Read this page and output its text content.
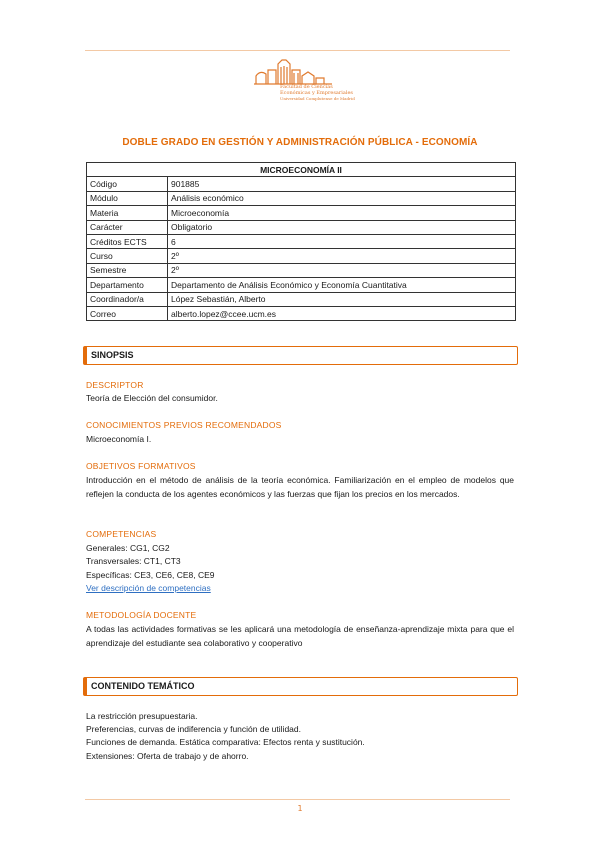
Facultad de Ciencias
Económicas y Empresariales
Universidad Complutense de Madrid
DOBLE GRADO EN GESTIÓN Y ADMINISTRACIÓN PÚBLICA - ECONOMÍA
MICROECONOMÍA II	
Código	901885
Módulo	Análisis económico
Materia	Microeconomía
Carácter	Obligatorio
Créditos ECTS	6
Curso	2º
Semestre	2º
Departamento	Departamento de Análisis Económico y Economía Cuantitativa
Coordinador/a	López Sebastián, Alberto
Correo	alberto.lopez@ccee.ucm.es
SINOPSIS
DESCRIPTOR
Teoría de Elección del consumidor.
CONOCIMIENTOS PREVIOS RECOMENDADOS
Microeconomía I.
OBJETIVOS FORMATIVOS
Introducción en el método de análisis de la teoría económica. Familiarización en el empleo de modelos que reflejen la conducta de los agentes económicos y las fuerzas que fijan los precios en los mercados.
COMPETENCIAS
Generales: CG1, CG2
Transversales: CT1, CT3
Específicas: CE3, CE6, CE8, CE9
Ver descripción de competencias
METODOLOGÍA DOCENTE
A todas las actividades formativas se les aplicará una metodología de enseñanza-aprendizaje mixta para que el aprendizaje del estudiante sea colaborativo y cooperativo
CONTENIDO TEMÁTICO
La restricción presupuestaria.
Preferencias, curvas de indiferencia y función de utilidad.
Funciones de demanda. Estática comparativa: Efectos renta y sustitución.
Extensiones: Oferta de trabajo y de ahorro.
1
